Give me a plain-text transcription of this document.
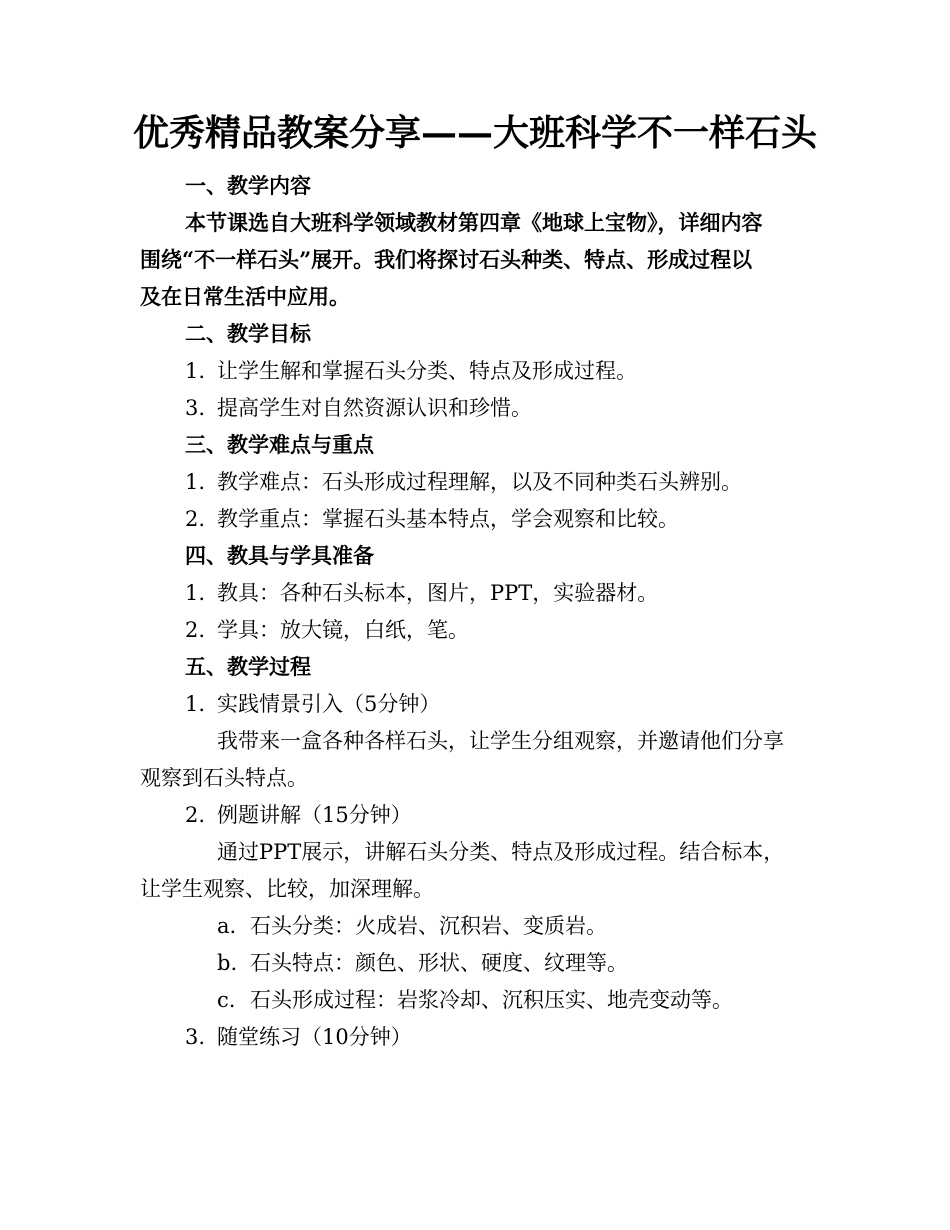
优秀精品教案分享——大班科学不一样石头
一、教学内容
本节课选自大班科学领域教材第四章《地球上宝物》，详细内容
围绕“不一样石头”展开。我们将探讨石头种类、特点、形成过程以
及在日常生活中应用。
二、教学目标
1. 让学生解和掌握石头分类、特点及形成过程。
3. 提高学生对自然资源认识和珍惜。
三、教学难点与重点
1. 教学难点：石头形成过程理解，以及不同种类石头辨别。
2. 教学重点：掌握石头基本特点，学会观察和比较。
四、教具与学具准备
1. 教具：各种石头标本，图片，PPT，实验器材。
2. 学具：放大镜，白纸，笔。
五、教学过程
1. 实践情景引入（5分钟）
我带来一盒各种各样石头，让学生分组观察，并邀请他们分享
观察到石头特点。
2. 例题讲解（15分钟）
通过PPT展示，讲解石头分类、特点及形成过程。结合标本，
让学生观察、比较，加深理解。
a. 石头分类：火成岩、沉积岩、变质岩。
b. 石头特点：颜色、形状、硬度、纹理等。
c. 石头形成过程：岩浆冷却、沉积压实、地壳变动等。
3. 随堂练习（10分钟）
